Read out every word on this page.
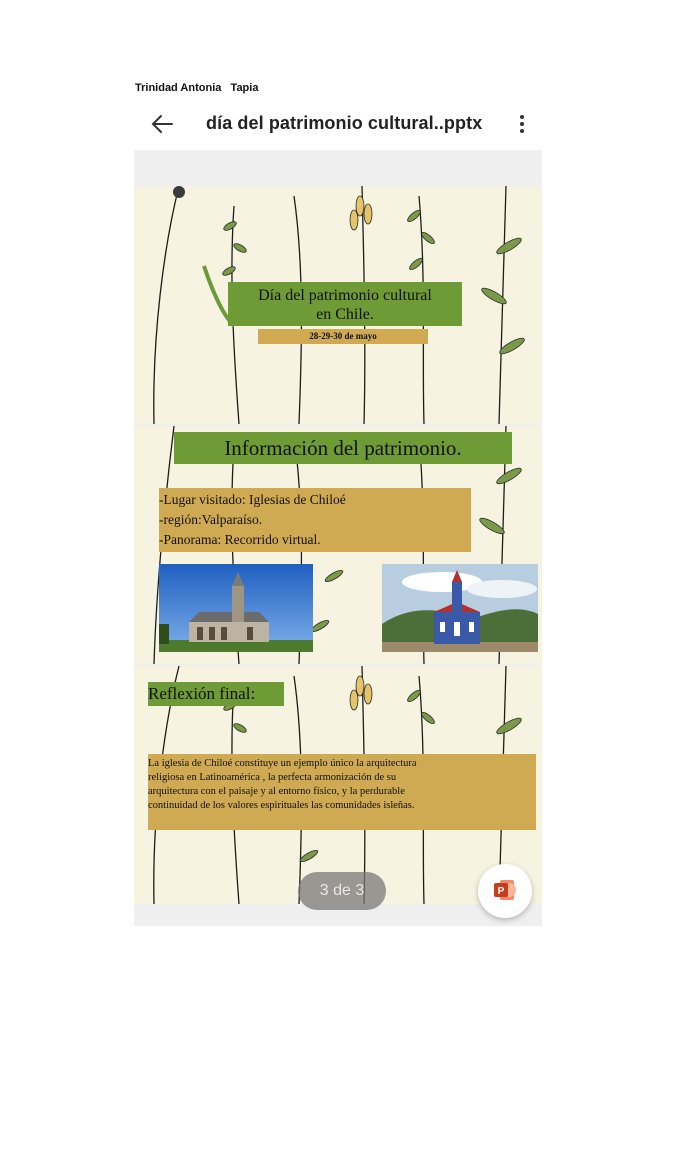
Trinidad Antonia   Tapia
día del patrimonio cultural..pptx
Día del patrimonio cultural
en Chile.
28-29-30 de mayo
Información del patrimonio.
-Lugar visitado: Iglesias de Chiloé
-región:Valparaíso.
-Panorama: Recorrido virtual.
Reflexión final:
La iglesia de Chiloé constituye un ejemplo único la arquitectura
religiosa en Latinoamérica , la perfecta armonización de su
arquitectura con el paisaje y al entorno físico, y la perdurable
continuidad de los valores espirituales las comunidades isleñas.
3 de 3	P
